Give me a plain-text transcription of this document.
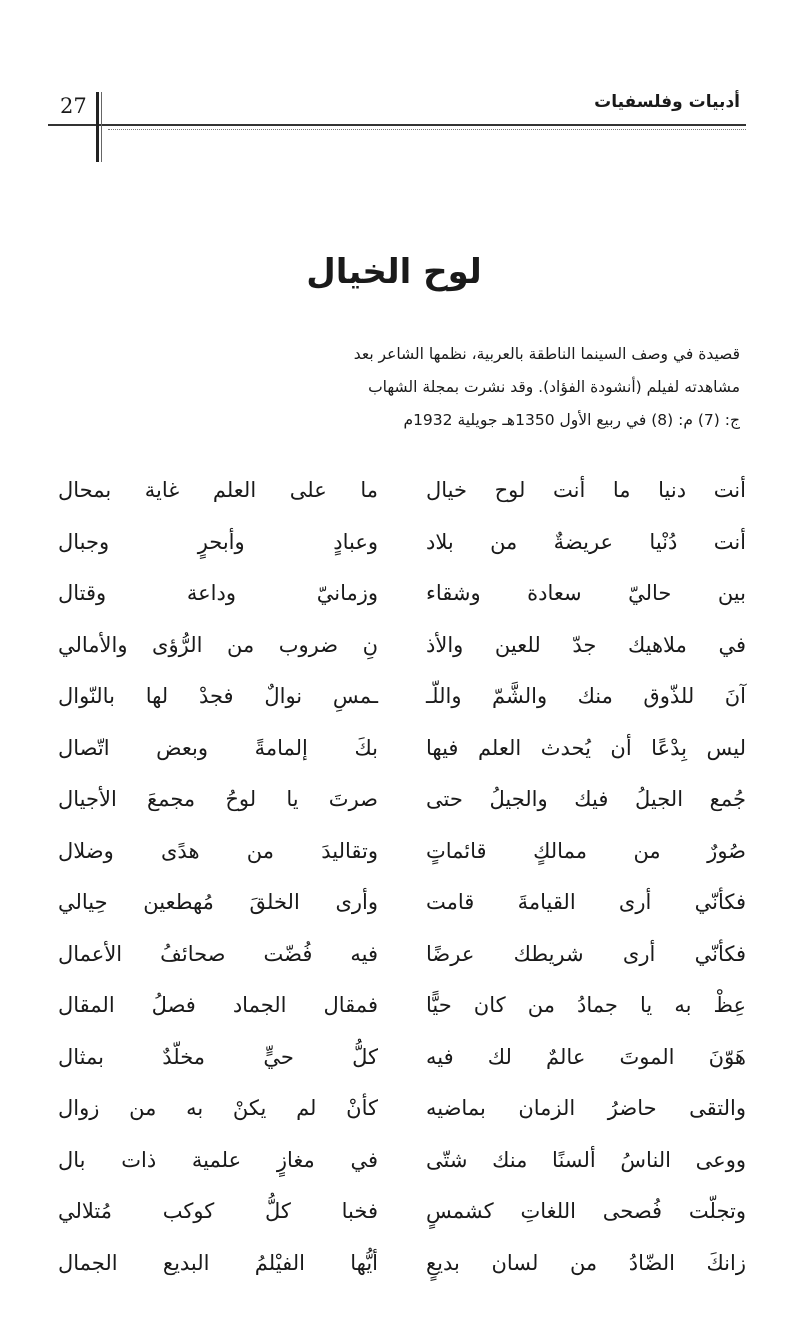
أدبيات وفلسفيات
27
لوح الخيال
قصيدة في وصف السينما الناطقة بالعربية، نظمها الشاعر بعد
مشاهدته لفيلم (أنشودة الفؤاد). وقد نشرت بمجلة الشهاب
ج: (7) م: (8) في ربيع الأول 1350هـ جويلية 1932م
أنت دنيا ما أنت لوح خيال
ما على العلم غاية بمحال
أنت دُنْيا عريضةٌ من بلاد
وعبادٍ وأبحرٍ وجبال
بين حاليّ سعادة وشقاء
وزمانيّ وداعة وقتال
في ملاهيك جدّ للعين والأذ
نِ ضروب من الرُّؤى والأمالي
آنَ للذّوق منك والشَّمّ واللّـ
ـمسِ نوالٌ فجدْ لها بالنّوال
ليس بِدْعًا أن يُحدث العلم فيها
بكَ إلمامةً وبعض اتّصال
جُمع الجيلُ فيك والجيلُ حتى
صرتَ يا لوحُ مجمعَ الأجيال
صُورٌ من ممالكٍ قائماتٍ
وتقاليدَ من هدًى وضلال
فكأنّي أرى القيامةَ قامت
وأرى الخلقَ مُهطعين حِيالي
فكأنّي أرى شريطك عرضًا
فيه فُضّت صحائفُ الأعمال
عِظْ به يا جمادُ من كان حيًّا
فمقال الجماد فصلُ المقال
هَوّنَ الموتَ عالمٌ لك فيه
كلُّ حيٍّ مخلّدٌ بمثال
والتقى حاضرُ الزمان بماضيه
كأنْ لم يكنْ به من زوال
ووعى الناسُ ألسنًا منك شتّى
في مغازٍ علمية ذات بال
وتجلّت فُصحى اللغاتِ كشمسٍ
فخبا كلُّ كوكب مُتلالي
زانكَ الضّادُ من لسان بديعٍ
أيُّها الفيْلمُ البديع الجمال
